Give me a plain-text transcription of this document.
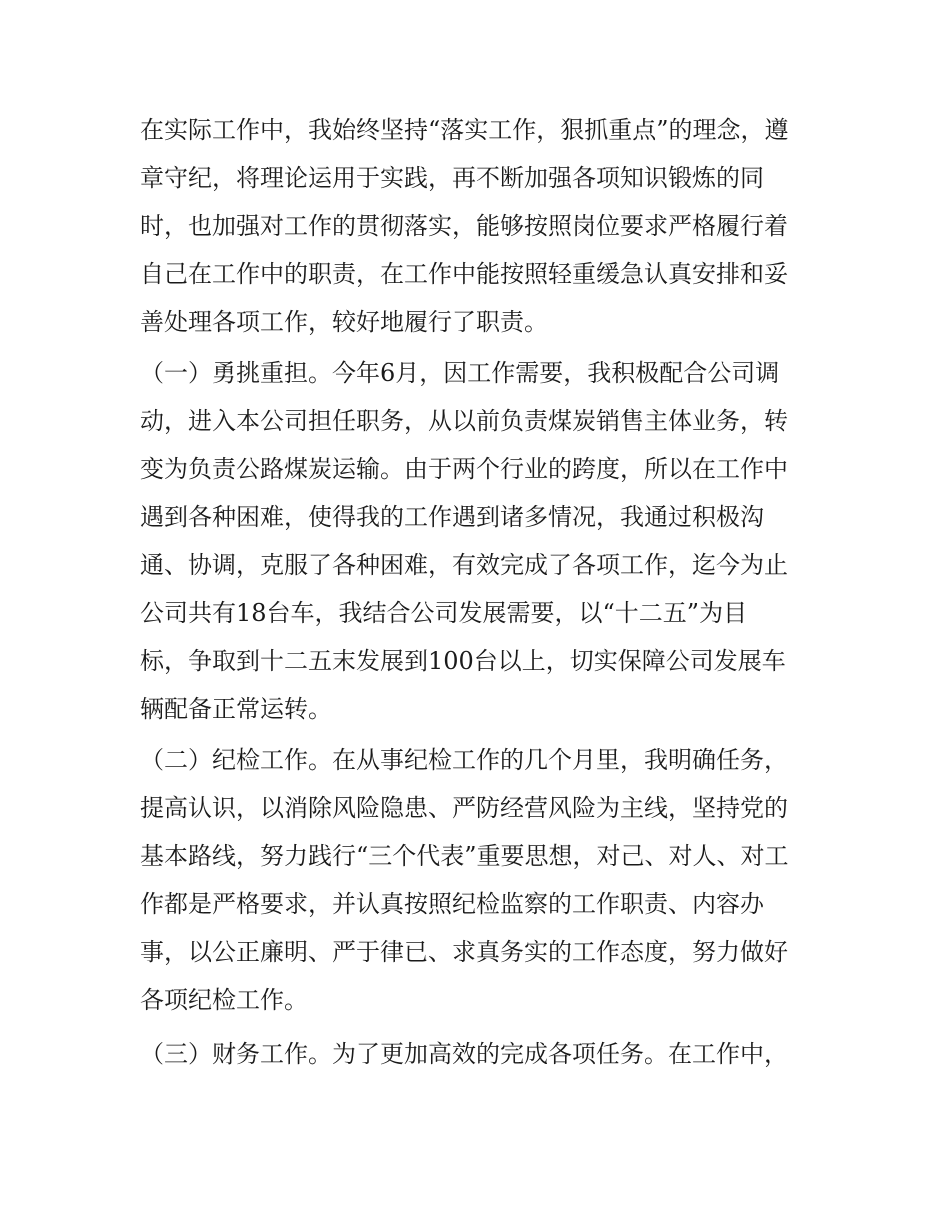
在实际工作中，我始终坚持“落实工作，狠抓重点”的理念，遵
章守纪，将理论运用于实践，再不断加强各项知识锻炼的同
时，也加强对工作的贯彻落实，能够按照岗位要求严格履行着
自己在工作中的职责，在工作中能按照轻重缓急认真安排和妥
善处理各项工作，较好地履行了职责。
（一）勇挑重担。今年6月，因工作需要，我积极配合公司调
动，进入本公司担任职务，从以前负责煤炭销售主体业务，转
变为负责公路煤炭运输。由于两个行业的跨度，所以在工作中
遇到各种困难，使得我的工作遇到诸多情况，我通过积极沟
通、协调，克服了各种困难，有效完成了各项工作，迄今为止
公司共有18台车，我结合公司发展需要，以“十二五”为目
标，争取到十二五末发展到100台以上，切实保障公司发展车
辆配备正常运转。
（二）纪检工作。在从事纪检工作的几个月里，我明确任务，
提高认识，以消除风险隐患、严防经营风险为主线，坚持党的
基本路线，努力践行“三个代表”重要思想，对己、对人、对工
作都是严格要求，并认真按照纪检监察的工作职责、内容办
事，以公正廉明、严于律已、求真务实的工作态度，努力做好
各项纪检工作。
（三）财务工作。为了更加高效的完成各项任务。在工作中，
